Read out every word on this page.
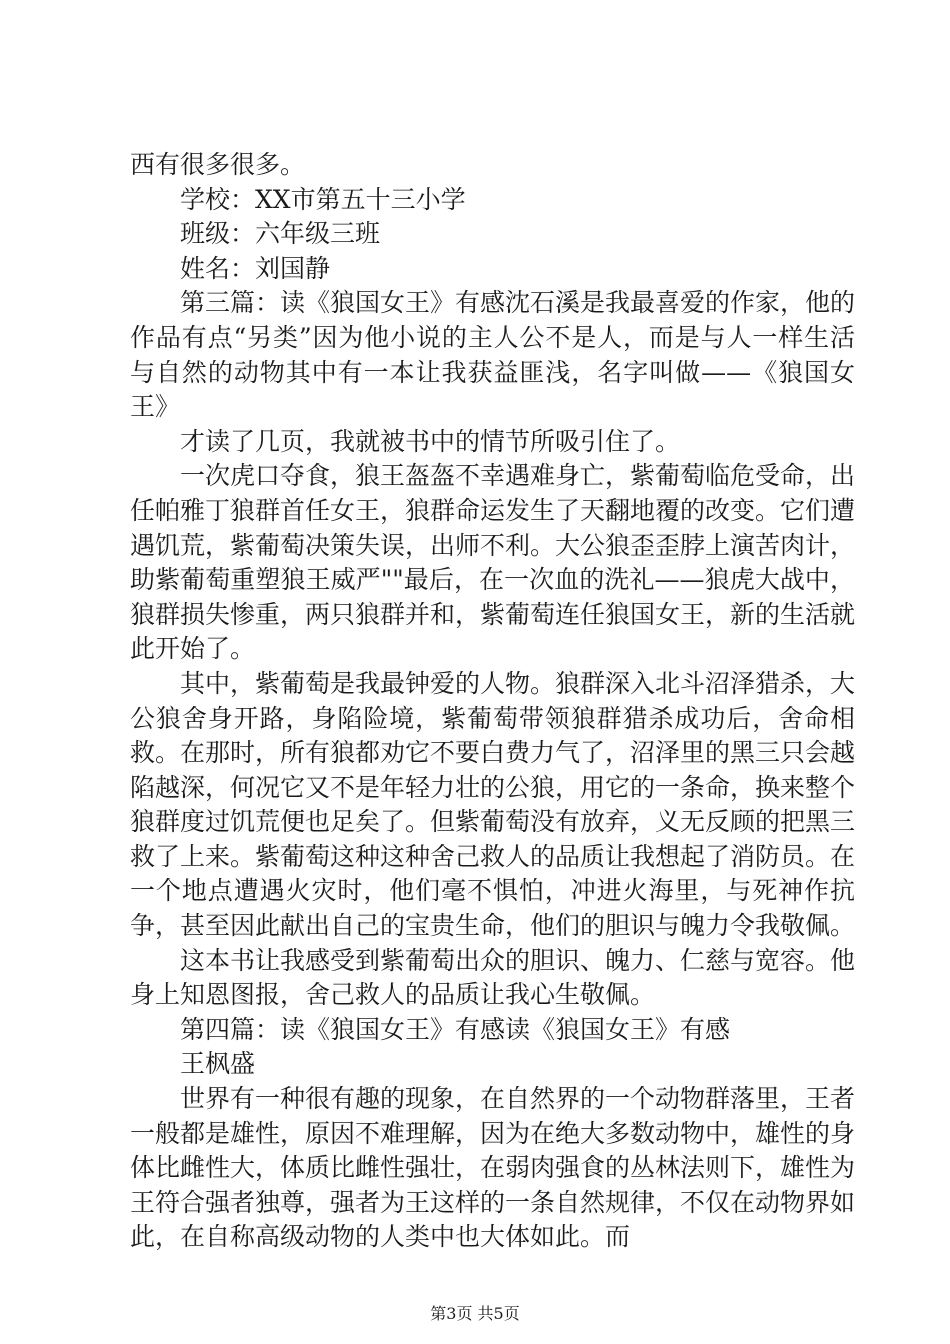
西有很多很多。

学校：XX市第五十三小学

班级：六年级三班

姓名：刘国静

第三篇：读《狼国女王》有感沈石溪是我最喜爱的作家，他的作品有点“另类”因为他小说的主人公不是人，而是与人一样生活与自然的动物其中有一本让我获益匪浅，名字叫做——《狼国女王》

才读了几页，我就被书中的情节所吸引住了。

一次虎口夺食，狼王盔盔不幸遇难身亡，紫葡萄临危受命，出任帕雅丁狼群首任女王，狼群命运发生了天翻地覆的改变。它们遭遇饥荒，紫葡萄决策失误，出师不利。大公狼歪歪脖上演苦肉计，助紫葡萄重塑狼王威严""最后，在一次血的洗礼——狼虎大战中，狼群损失惨重，两只狼群并和，紫葡萄连任狼国女王，新的生活就此开始了。

其中，紫葡萄是我最钟爱的人物。狼群深入北斗沼泽猎杀，大公狼舍身开路，身陷险境，紫葡萄带领狼群猎杀成功后，舍命相救。在那时，所有狼都劝它不要白费力气了，沼泽里的黑三只会越陷越深，何况它又不是年轻力壮的公狼，用它的一条命，换来整个狼群度过饥荒便也足矣了。但紫葡萄没有放弃，义无反顾的把黑三救了上来。紫葡萄这种这种舍己救人的品质让我想起了消防员。在一个地点遭遇火灾时，他们毫不惧怕，冲进火海里，与死神作抗争，甚至因此献出自己的宝贵生命，他们的胆识与魄力令我敬佩。

这本书让我感受到紫葡萄出众的胆识、魄力、仁慈与宽容。他身上知恩图报，舍己救人的品质让我心生敬佩。

第四篇：读《狼国女王》有感读《狼国女王》有感

王枫盛

世界有一种很有趣的现象，在自然界的一个动物群落里，王者一般都是雄性，原因不难理解，因为在绝大多数动物中，雄性的身体比雌性大，体质比雌性强壮，在弱肉强食的丛林法则下，雄性为王符合强者独尊，强者为王这样的一条自然规律，不仅在动物界如此，在自称高级动物的人类中也大体如此。而

第3页 共5页
